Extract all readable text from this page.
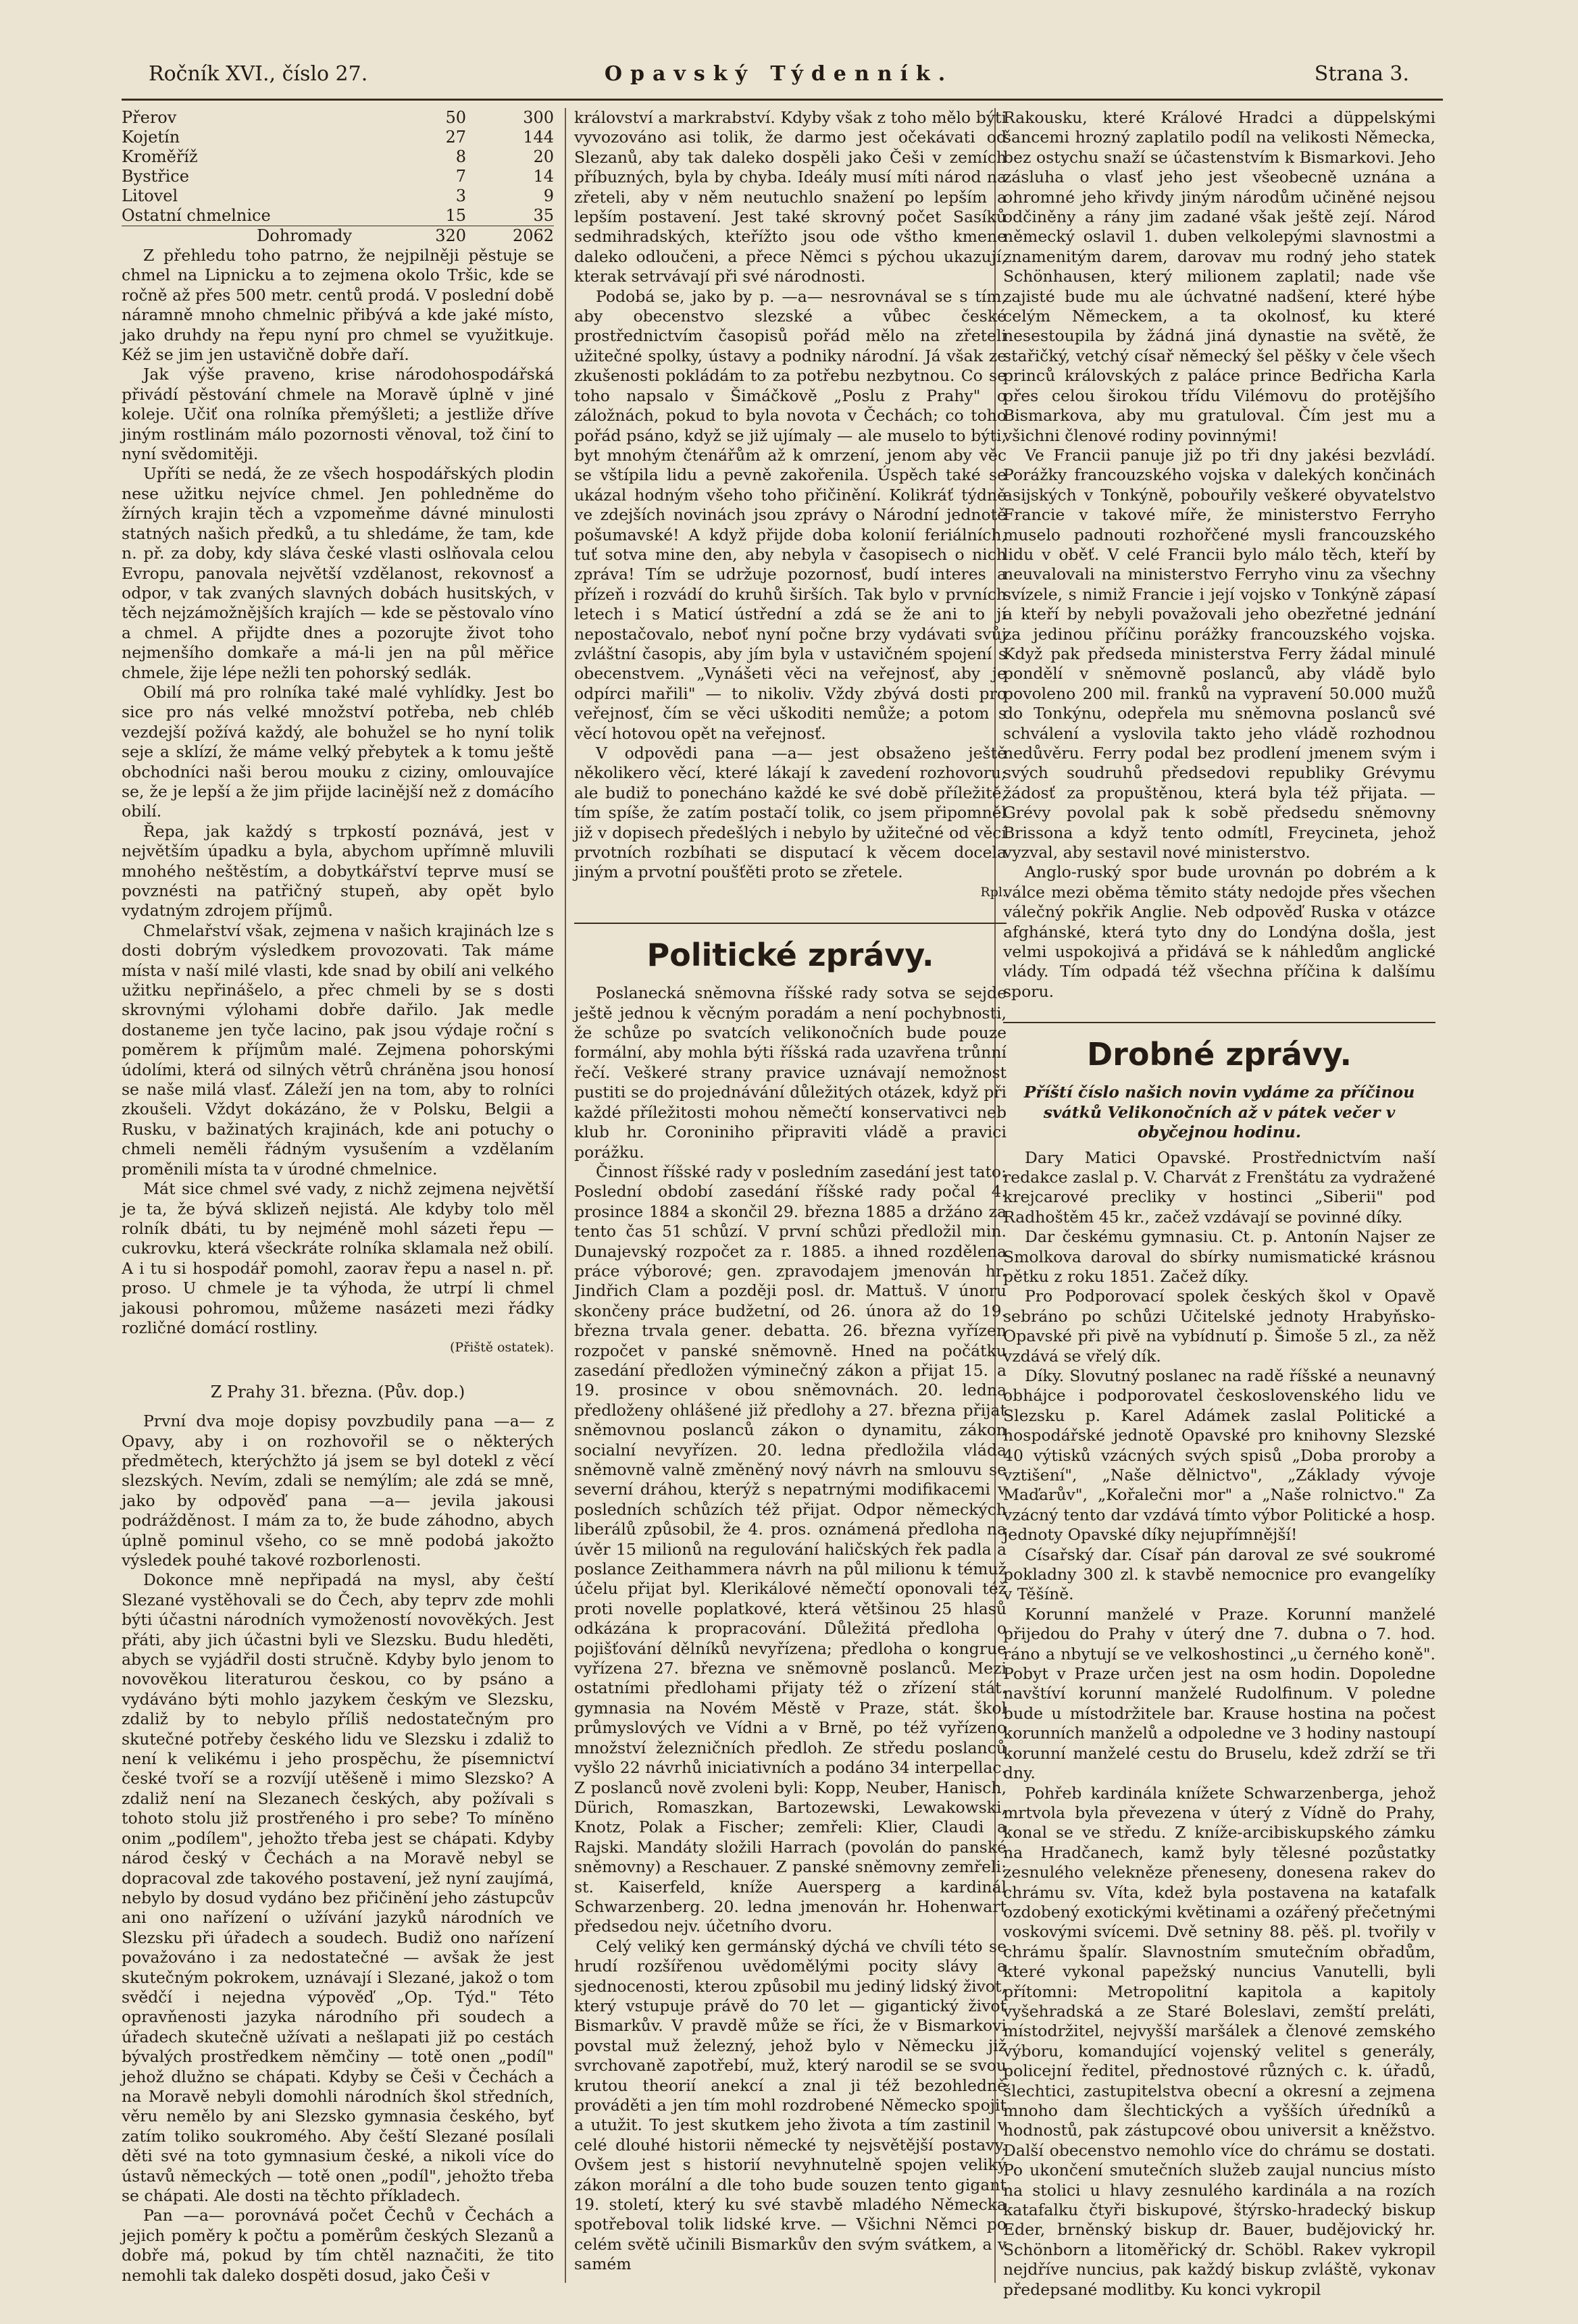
Ročník XVI., číslo 27.	Opavský Týdenník.	Strana 3.
Přerov	50	300
Kojetín	27	144
Kroměříž	8	20
Bystřice	7	14
Litovel	3	9
Ostatní chmelnice	15	35
Dohromady	320	2062

Z přehledu toho patrno, že nejpilněji pěstuje se chmel na Lipnicku a to zejmena okolo Tršic, kde se ročně až přes 500 metr. centů prodá. V poslední době náramně mnoho chmelnic přibývá a kde jaké místo, jako druhdy na řepu nyní pro chmel se využitkuje. Kéž se jim jen ustavičně dobře daří.

Jak výše praveno, krise národohospodářská přivádí pěstování chmele na Moravě úplně v jiné koleje. Učiť ona rolníka přemýšleti; a jestliže dříve jiným rostlinám málo pozornosti věnoval, tož činí to nyní svědomitěji.

Upříti se nedá, že ze všech hospodářských plodin nese užitku nejvíce chmel. Jen pohledněme do žírných krajin těch a vzpomeňme dávné minulosti statných našich předků, a tu shledáme, že tam, kde n. př. za doby, kdy sláva české vlasti oslňovala celou Evropu, panovala největší vzdělanost, rekovnosť a odpor, v tak zvaných slavných dobách husitských, v těch nejzámožnějších krajích — kde se pěstovalo víno a chmel. A přijdte dnes a pozorujte život toho nejmenšího domkaře a má-li jen na půl měřice chmele, žije lépe nežli ten pohorský sedlák.

Obilí má pro rolníka také malé vyhlídky. Jest bo sice pro nás velké množství potřeba, neb chléb vezdejší požívá každý, ale bohužel se ho nyní tolik seje a sklízí, že máme velký přebytek a k tomu ještě obchodníci naši berou mouku z ciziny, omlouvajíce se, že je lepší a že jim přijde lacinější než z domácího obilí.

Řepa, jak každý s trpkostí poznává, jest v největším úpadku a byla, abychom upřímně mluvili mnohého neštěstím, a dobytkářství teprve musí se povznésti na patřičný stupeň, aby opět bylo vydatným zdrojem příjmů.

Chmelařství však, zejmena v našich krajinách lze s dosti dobrým výsledkem provozovati. Tak máme místa v naší milé vlasti, kde snad by obilí ani velkého užitku nepřinášelo, a přec chmeli by se s dosti skrovnými výlohami dobře dařilo. Jak medle dostaneme jen tyče lacino, pak jsou výdaje roční s poměrem k příjmům malé. Zejmena pohorskými údolími, která od silných větrů chráněna jsou honosí se naše milá vlasť. Záleží jen na tom, aby to rolníci zkoušeli. Vždyt dokázáno, že v Polsku, Belgii a Rusku, v bažinatých krajinách, kde ani potuchy o chmeli neměli řádným vysušením a vzdělaním proměnili místa ta v úrodné chmelnice.

Mát sice chmel své vady, z nichž zejmena největší je ta, že bývá sklizeň nejistá. Ale kdyby tolo měl rolník dbáti, tu by nejméně mohl sázeti řepu — cukrovku, která všeckráte rolníka sklamala než obilí. A i tu si hospodář pomohl, zaorav řepu a nasel n. př. proso. U chmele je ta výhoda, že utrpí li chmel jakousi pohromou, můžeme nasázeti mezi řádky rozličné domácí rostliny.

(Přiště ostatek).
Z Prahy 31. března. (Pův. dop.)

První dva moje dopisy povzbudily pana —a— z Opavy, aby i on rozhovořil se o některých předmětech, kterýchžto já jsem se byl dotekl z věcí slezských. Nevím, zdali se nemýlím; ale zdá se mně, jako by odpověď pana —a— jevila jakousi podrážděnost. I mám za to, že bude záhodno, abych úplně pominul všeho, co se mně podobá jakožto výsledek pouhé takové rozborlenosti.

Dokonce mně nepřipadá na mysl, aby čeští Slezané vystěhovali se do Čech, aby teprv zde mohli býti účastni národních vymožeností novověkých. Jest přáti, aby jich účastni byli ve Slezsku. Budu hleděti, abych se vyjádřil dosti stručně. Kdyby bylo jenom to novověkou literaturou českou, co by psáno a vydáváno býti mohlo jazykem českým ve Slezsku, zdaliž by to nebylo příliš nedostatečným pro skutečné potřeby českého lidu ve Slezsku i zdaliž to není k velikému i jeho prospěchu, že písemnictví české tvoří se a rozvíjí utěšeně i mimo Slezsko? A zdaliž není na Slezanech českých, aby požívali s tohoto stolu již prostřeného i pro sebe? To míněno onim „podílem", jehožto třeba jest se chápati. Kdyby národ český v Čechách a na Moravě nebyl se dopracoval zde takového postavení, jež nyní zaujímá, nebylo by dosud vydáno bez přičinění jeho zástupcův ani ono nařízení o užívání jazyků národních ve Slezsku při úřadech a soudech. Budiž ono nařízení považováno i za nedostatečné — avšak že jest skutečným pokrokem, uznávají i Slezané, jakož o tom svědčí i nejedna výpověď „Op. Týd." Této opravňenosti jazyka národního při soudech a úřadech skutečně užívati a nešlapati již po cestách bývalých prostředkem němčiny — totě onen „podíl" jehož dlužno se chápati. Kdyby se Češi v Čechách a na Moravě nebyli domohli národních škol středních, věru nemělo by ani Slezsko gymnasia českého, byť zatím toliko soukromého. Aby čeští Slezané posílali děti své na toto gymnasium české, a nikoli více do ústavů německých — totě onen „podíl", jehožto třeba se chápati. Ale dosti na těchto příkladech.

Pan —a— porovnává počet Čechů v Čechách a jejich poměry k počtu a poměrům českých Slezanů a dobře má, pokud by tím chtěl naznačiti, že tito nemohli tak daleko dospěti dosud, jako Češi v

království a markrabství. Kdyby však z toho mělo býti vyvozováno asi tolik, že darmo jest očekávati od Slezanů, aby tak daleko dospěli jako Češi v zemích příbuzných, byla by chyba. Ideály musí míti národ na zřeteli, aby v něm neutuchlo snažení po lepším a lepším postavení. Jest také skrovný počet Sasíků sedmihradských, kteřížto jsou ode vštho kmene daleko odloučeni, a přece Němci s pýchou ukazují, kterak setrvávají při své národnosti.

Podobá se, jako by p. —a— nesrovnával se s tím, aby obecenstvo slezské a vůbec české prostřednictvím časopisů pořád mělo na zřeteli užitečné spolky, ústavy a podniky národní. Já však ze zkušenosti pokládám to za potřebu nezbytnou. Co se toho napsalo v Šimáčkově „Poslu z Prahy" o záložnách, pokud to byla novota v Čechách; co toho pořád psáno, když se již ujímaly — ale muselo to býti, byt mnohým čtenářům až k omrzení, jenom aby věc se vštípila lidu a pevně zakořenila. Úspěch také se ukázal hodným všeho toho přičinění. Kolikráť týdně ve zdejších novinách jsou zprávy o Národní jednotě pošumavské! A když přijde doba kolonií feriálních, tuť sotva mine den, aby nebyla v časopisech o nich zpráva! Tím se udržuje pozornosť, budí interes a přízeň i rozvádí do kruhů širších. Tak bylo v prvních letech i s Maticí ústřední a zdá se že ani to jí nepostačovalo, neboť nyní počne brzy vydávati svůj zvláštní časopis, aby jím byla v ustavičném spojení s obecenstvem. „Vynášeti věci na veřejnosť, aby je odpírci mařili" — to nikoliv. Vždy zbývá dosti pro veřejnosť, čím se věci uškoditi nemůže; a potom s věcí hotovou opět na veřejnosť.

V odpovědi pana —a— jest obsaženo ještě několikero věcí, které lákají k zavedení rozhovoru; ale budiž to ponecháno každé ke své době příležitě, tím spíše, že zatím postačí tolik, co jsem připomněl již v dopisech předešlých i nebylo by užitečné od věcí prvotních rozbíhati se disputací k věcem docela jiným a prvotní poušťěti proto se zřetele.

Rpl.
Politické zprávy.

Poslanecká sněmovna říšské rady sotva se sejde ještě jednou k věcným poradám a není pochybnosti, že schůze po svatcích velikonočních bude pouze formální, aby mohla býti říšská rada uzavřena trůnní řečí. Veškeré strany pravice uznávají nemožnost pustiti se do projednávání důležitých otázek, když při každé příležitosti mohou němečtí konservativci neb klub hr. Coroniniho připraviti vládě a pravici porážku.

Činnost říšské rady v posledním zasedání jest tato: Poslední období zasedání říšské rady počal 4. prosince 1884 a skončil 29. března 1885 a držáno za tento čas 51 schůzí. V první schůzi předložil min. Dunajevský rozpočet za r. 1885. a ihned rozdělena práce výborové; gen. zpravodajem jmenován hr. Jindřich Clam a později posl. dr. Mattuš. V únoru skončeny práce budžetní, od 26. února až do 19. března trvala gener. debatta. 26. března vyřízen rozpočet v panské sněmovně. Hned na počátku zasedání předložen výminečný zákon a přijat 15. a 19. prosince v obou sněmovnách. 20. ledna předloženy ohlášené již předlohy a 27. března přijat sněmovnou poslanců zákon o dynamitu, zákon socialní nevyřízen. 20. ledna předložila vláda sněmovně valně změněný nový návrh na smlouvu se severní dráhou, kterýž s nepatrnými modifikacemi v posledních schůzích též přijat. Odpor německých liberálů způsobil, že 4. pros. oznámená předloha na úvěr 15 milionů na regulování haličských řek padla a poslance Zeithammera návrh na půl milionu k témuž účelu přijat byl. Klerikálové němečtí oponovali též proti novelle poplatkové, která většinou 25 hlasů odkázána k propracování. Důležitá předloha o pojišťování dělníků nevyřízena; předloha o kongrue vyřízena 27. března ve sněmovně poslanců. Mezi ostatními předlohami přijaty též o zřízení stát. gymnasia na Novém Městě v Praze, stát. škol průmyslových ve Vídni a v Brně, po též vyřízeno množství železničních předloh. Ze středu poslanců vyšlo 22 návrhů iniciativních a podáno 34 interpellac. Z poslanců nově zvoleni byli: Kopp, Neuber, Hanisch, Dürich, Romaszkan, Bartozewski, Lewakowski, Knotz, Polak a Fischer; zemřeli: Klier, Claudi a Rajski. Mandáty složili Harrach (povolán do panské sněmovny) a Reschauer. Z panské sněmovny zemřeli: st. Kaiserfeld, kníže Auersperg a kardinál Schwarzenberg. 20. ledna jmenován hr. Hohenwart předsedou nejv. účetního dvoru.

Celý veliký ken germánský dýchá ve chvíli této se hrudí rozšířenou uvědomělými pocity slávy a sjednocenosti, kterou způsobil mu jediný lidský život, který vstupuje právě do 70 let — gigantický život Bismarkův. V pravdě může se říci, že v Bismarkovi povstal muž železný, jehož bylo v Německu již svrchovaně zapotřebí, muž, který narodil se se svou krutou theorií anekcí a znal ji též bezohledně prováděti a jen tím mohl rozdrobené Německo spojit a utužit. To jest skutkem jeho života a tím zastinil v celé dlouhé historii německé ty nejsvětější postavy. Ovšem jest s historií nevyhnutelně spojen veliký zákon morální a dle toho bude souzen tento gigant 19. století, který ku své stavbě mladého Německa spotřeboval tolik lidské krve. — Všichni Němci po celém světě učinili Bismarkův den svým svátkem, a v samém

Rakousku, které Králové Hradci a düppelskými šancemi hrozný zaplatilo podíl na velikosti Německa, bez ostychu snaží se účastenstvím k Bismarkovi. Jeho zásluha o vlasť jeho jest všeobecně uznána a ohromné jeho křivdy jiným národům učiněné nejsou odčiněny a rány jim zadané však ještě zejí. Národ německý oslavil 1. duben velkolepými slavnostmi a znamenitým darem, darovav mu rodný jeho statek Schönhausen, který milionem zaplatil; nade vše zajisté bude mu ale úchvatné nadšení, které hýbe celým Německem, a ta okolnosť, ku které nesestoupila by žádná jiná dynastie na světě, že stařičký, vetchý císař německý šel pěšky v čele všech princů královských z paláce prince Bedřicha Karla přes celou širokou třídu Vilémovu do protějšího Bismarkova, aby mu gratuloval. Čím jest mu a všichni členové rodiny povinnými!

Ve Francii panuje již po tři dny jakési bezvládí. Porážky francouzského vojska v dalekých končinách asijských v Tonkýně, pobouřily veškeré obyvatelstvo Francie v takové míře, že ministerstvo Ferryho muselo padnouti rozhořčené mysli francouzského lidu v oběť. V celé Francii bylo málo těch, kteří by neuvalovali na ministerstvo Ferryho vinu za všechny svízele, s nimiž Francie i její vojsko v Tonkýně zápasí a kteří by nebyli považovali jeho obezřetné jednání za jedinou příčinu porážky francouzského vojska. Když pak předseda ministerstva Ferry žádal minulé pondělí v sněmovně poslanců, aby vládě bylo povoleno 200 mil. franků na vypravení 50.000 mužů do Tonkýnu, odepřela mu sněmovna poslanců své schválení a vyslovila takto jeho vládě rozhodnou nedůvěru. Ferry podal bez prodlení jmenem svým i svých soudruhů předsedovi republiky Grévymu žádosť za propuštěnou, která byla též přijata. — Grévy povolal pak k sobě předsedu sněmovny Brissona a když tento odmítl, Freycineta, jehož vyzval, aby sestavil nové ministerstvo.

Anglo-ruský spor bude urovnán po dobrém a k válce mezi oběma těmito státy nedojde přes všechen válečný pokřik Anglie. Neb odpověď Ruska v otázce afghánské, která tyto dny do Londýna došla, jest velmi uspokojivá a přidává se k náhledům anglické vlády. Tím odpadá též všechna příčina k dalšímu sporu.

Drobné zprávy.

Příští číslo našich novin vydáme za příčinou svátků Velikonočních až v pátek večer v obyčejnou hodinu.

Dary Matici Opavské. Prostřednictvím naší redakce zaslal p. V. Charvát z Frenštátu za vydražené krejcarové precliky v hostinci „Siberii" pod Radhoštěm 45 kr., začež vzdávají se povinné díky.

Dar českému gymnasiu. Ct. p. Antonín Najser ze Smolkova daroval do sbírky numismatické krásnou pětku z roku 1851. Začež díky.

Pro Podporovací spolek českých škol v Opavě sebráno po schůzi Učitelské jednoty Hrabyňsko-Opavské při pivě na vybídnutí p. Šimoše 5 zl., za něž vzdává se vřelý dík.

Díky. Slovutný poslanec na radě říšské a neunavný obhájce i podporovatel československého lidu ve Slezsku p. Karel Adámek zaslal Politické a hospodářské jednotě Opavské pro knihovny Slezské 40 výtisků vzácných svých spisů „Doba proroby a vztišení", „Naše dělnictvo", „Základy vývoje Maďarův", „Kořalečni mor" a „Naše rolnictvo." Za vzácný tento dar vzdává tímto výbor Politické a hosp. jednoty Opavské díky nejupřímnější!

Císařský dar. Císař pán daroval ze své soukromé pokladny 300 zl. k stavbě nemocnice pro evangelíky v Těšíně.

Korunní manželé v Praze. Korunní manželé přijedou do Prahy v úterý dne 7. dubna o 7. hod. ráno a nbytují se ve velkoshostinci „u černého koně". Pobyt v Praze určen jest na osm hodin. Dopoledne navštíví korunní manželé Rudolfinum. V poledne bude u místodržitele bar. Krause hostina na počest korunních manželů a odpoledne ve 3 hodiny nastoupí korunní manželé cestu do Bruselu, kdež zdrží se tři dny.

Pohřeb kardinála knížete Schwarzenberga, jehož mrtvola byla převezena v úterý z Vídně do Prahy, konal se ve středu. Z kníže-arcibiskupského zámku na Hradčanech, kamž byly tělesné pozůstatky zesnulého velekněze přeneseny, donesena rakev do chrámu sv. Víta, kdež byla postavena na katafalk ozdobený exotickými květinami a ozářený přečetnými voskovými svícemi. Dvě setniny 88. pěš. pl. tvořily v chrámu špalír. Slavnostním smutečním obřadům, které vykonal papežský nuncius Vanutelli, byli přítomni: Metropolitní kapitola a kapitoly vyšehradská a ze Staré Boleslavi, zemští preláti, místodržitel, nejvyšší maršálek a členové zemského výboru, komandující vojenský velitel s generály, policejní ředitel, přednostové různých c. k. úřadů, šlechtici, zastupitelstva obecní a okresní a zejmena mnoho dam šlechtických a vyšších úředníků a hodnostů, pak zástupcové obou universit a kněžstvo. Další obecenstvo nemohlo více do chrámu se dostati. Po ukončení smutečních služeb zaujal nuncius místo na stolici u hlavy zesnulého kardinála a na rozích katafalku čtyři biskupové, štýrsko-hradecký biskup Eder, brněnský biskup dr. Bauer, budějovický hr. Schönborn a litoměřický dr. Schöbl. Rakev vykropil nejdříve nuncius, pak každý biskup zvláště, vykonav předepsané modlitby. Ku konci vykropil
